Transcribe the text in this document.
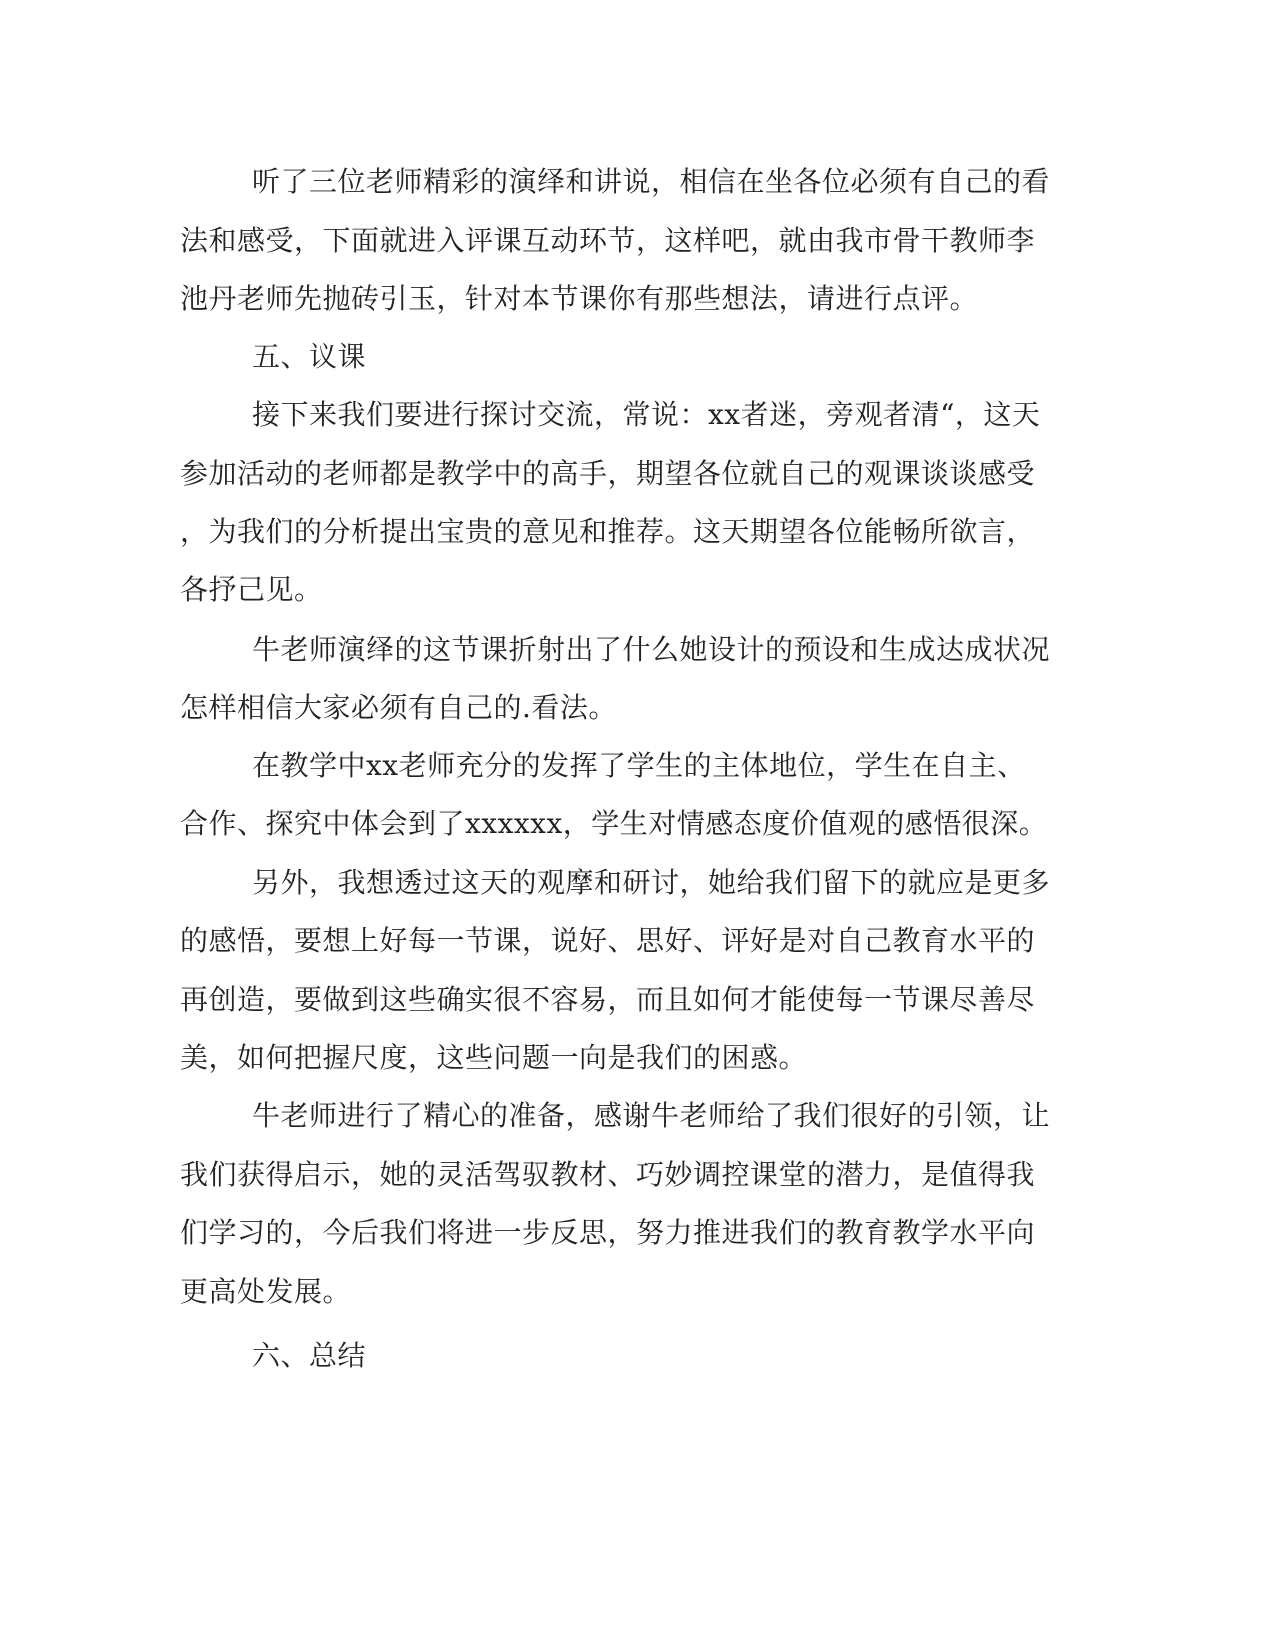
听了三位老师精彩的演绎和讲说，相信在坐各位必须有自己的看

法和感受，下面就进入评课互动环节，这样吧，就由我市骨干教师李

池丹老师先抛砖引玉，针对本节课你有那些想法，请进行点评。

五、议课

接下来我们要进行探讨交流，常说：xx者迷，旁观者清“，这天

参加活动的老师都是教学中的高手，期望各位就自己的观课谈谈感受

，为我们的分析提出宝贵的意见和推荐。这天期望各位能畅所欲言，

各抒己见。

牛老师演绎的这节课折射出了什么她设计的预设和生成达成状况

怎样相信大家必须有自己的.看法。

在教学中xx老师充分的发挥了学生的主体地位，学生在自主、

合作、探究中体会到了xxxxxx，学生对情感态度价值观的感悟很深。

另外，我想透过这天的观摩和研讨，她给我们留下的就应是更多

的感悟，要想上好每一节课，说好、思好、评好是对自己教育水平的

再创造，要做到这些确实很不容易，而且如何才能使每一节课尽善尽

美，如何把握尺度，这些问题一向是我们的困惑。

牛老师进行了精心的准备，感谢牛老师给了我们很好的引领，让

我们获得启示，她的灵活驾驭教材、巧妙调控课堂的潜力，是值得我

们学习的，今后我们将进一步反思，努力推进我们的教育教学水平向

更高处发展。

六、总结
